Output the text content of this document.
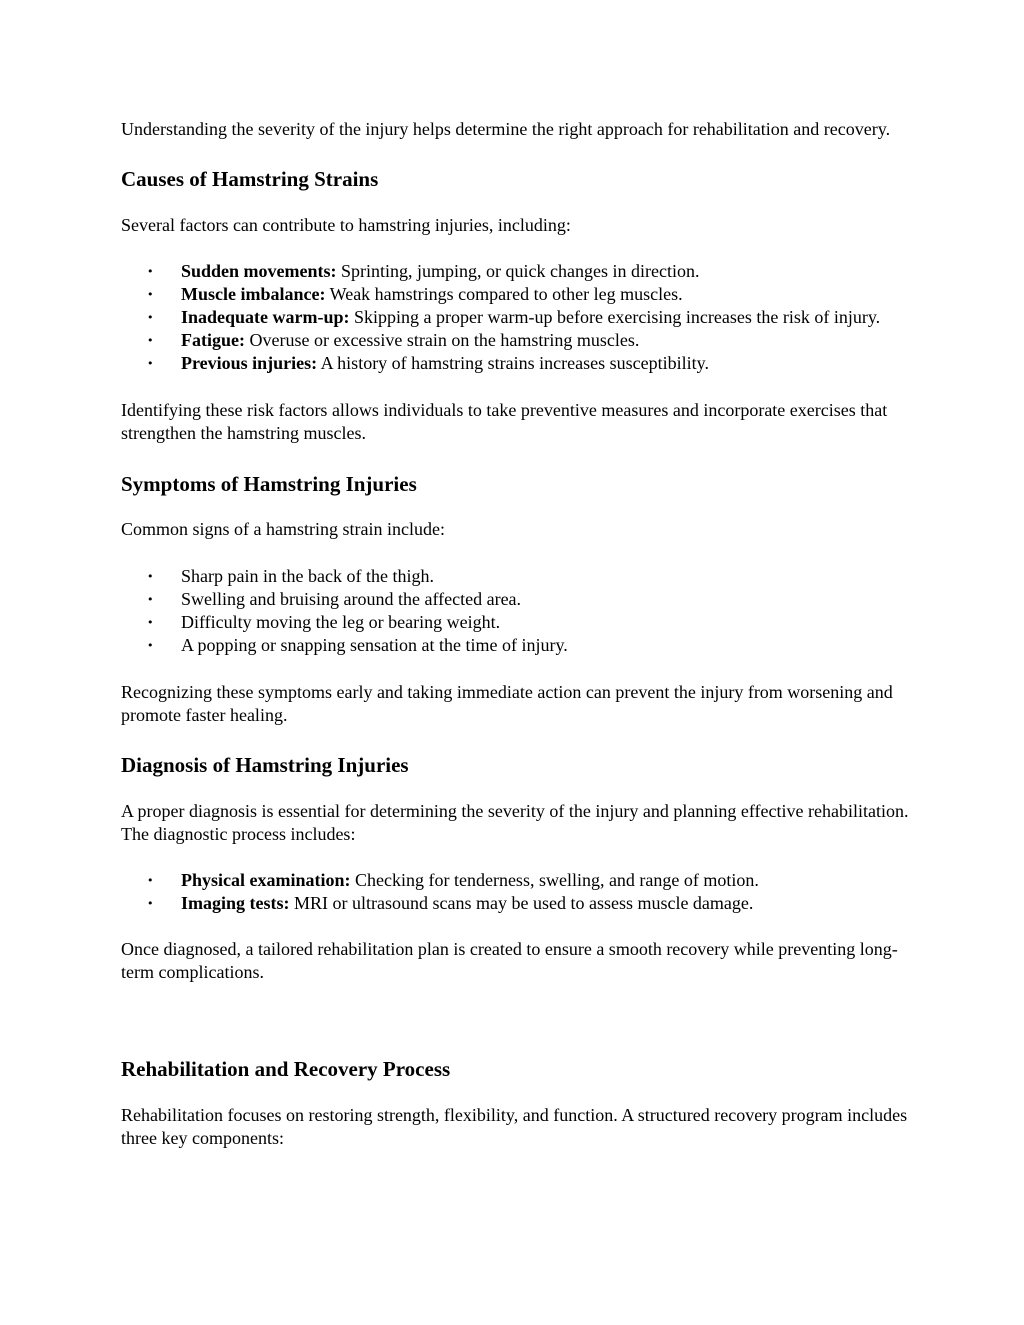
Understanding the severity of the injury helps determine the right approach for rehabilitation and recovery.

Causes of Hamstring Strains

Several factors can contribute to hamstring injuries, including:

• Sudden movements: Sprinting, jumping, or quick changes in direction.
• Muscle imbalance: Weak hamstrings compared to other leg muscles.
• Inadequate warm-up: Skipping a proper warm-up before exercising increases the risk of injury.
• Fatigue: Overuse or excessive strain on the hamstring muscles.
• Previous injuries: A history of hamstring strains increases susceptibility.

Identifying these risk factors allows individuals to take preventive measures and incorporate exercises that strengthen the hamstring muscles.

Symptoms of Hamstring Injuries

Common signs of a hamstring strain include:

• Sharp pain in the back of the thigh.
• Swelling and bruising around the affected area.
• Difficulty moving the leg or bearing weight.
• A popping or snapping sensation at the time of injury.

Recognizing these symptoms early and taking immediate action can prevent the injury from worsening and promote faster healing.

Diagnosis of Hamstring Injuries

A proper diagnosis is essential for determining the severity of the injury and planning effective rehabilitation. The diagnostic process includes:

• Physical examination: Checking for tenderness, swelling, and range of motion.
• Imaging tests: MRI or ultrasound scans may be used to assess muscle damage.

Once diagnosed, a tailored rehabilitation plan is created to ensure a smooth recovery while preventing long-term complications.

Rehabilitation and Recovery Process

Rehabilitation focuses on restoring strength, flexibility, and function. A structured recovery program includes three key components:
